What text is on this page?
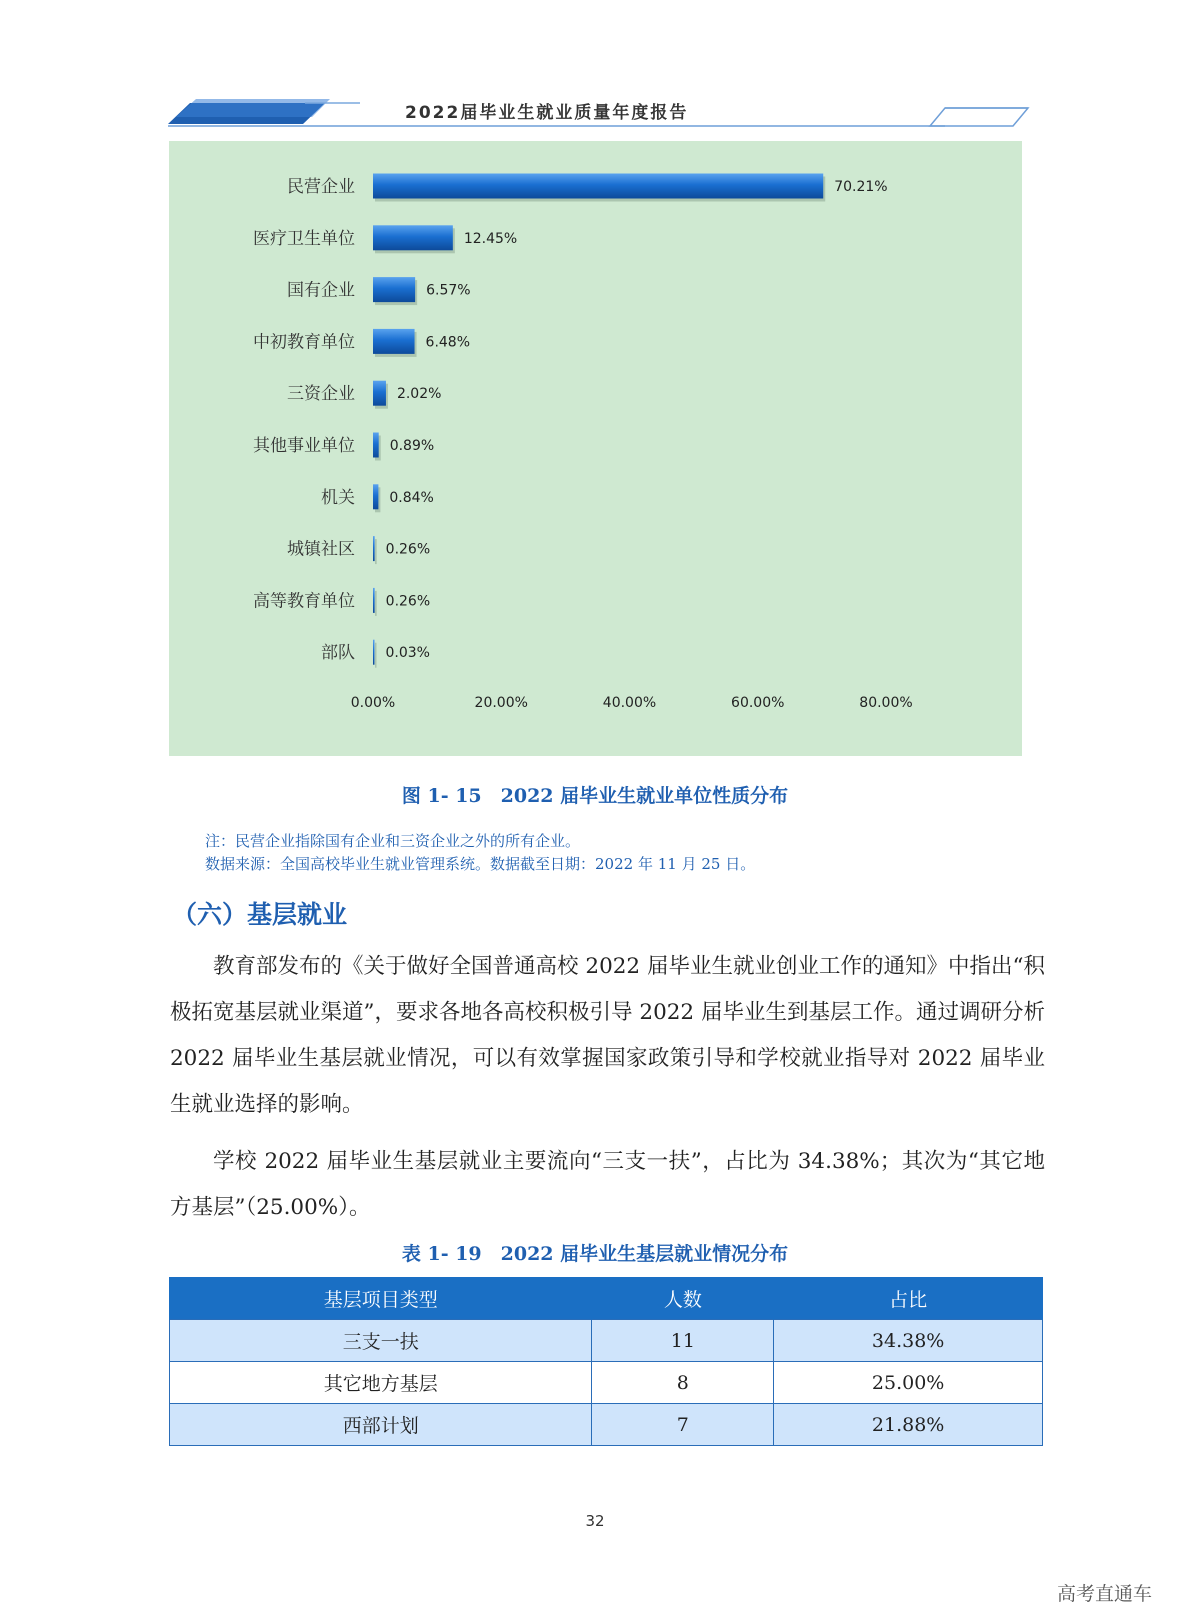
2022届毕业生就业质量年度报告
民营企业	70.21%
医疗卫生单位	12.45%
国有企业	6.57%
中初教育单位	6.48%
三资企业	2.02%
其他事业单位 0.89%
机关 0.84%
城镇社区 0.26%
高等教育单位 0.26%
部队 0.03%
0.00%	20.00%	40.00%	60.00%	80.00%
图 1- 15　2022 届毕业生就业单位性质分布
注：民营企业指除国有企业和三资企业之外的所有企业。
数据来源：全国高校毕业生就业管理系统。数据截至日期：2022 年 11 月 25 日。
（六）基层就业
教育部发布的《关于做好全国普通高校 2022 届毕业生就业创业工作的通知》中指出“积极拓宽基层就业渠道”，要求各地各高校积极引导 2022 届毕业生到基层工作。通过调研分析 2022 届毕业生基层就业情况，可以有效掌握国家政策引导和学校就业指导对 2022 届毕业生就业选择的影响。
学校 2022 届毕业生基层就业主要流向“三支一扶”，占比为 34.38%；其次为“其它地方基层”（25.00%）。
表 1- 19　2022 届毕业生基层就业情况分布
基层项目类型	人数	占比
三支一扶	11	34.38%
其它地方基层	8	25.00%
西部计划	7	21.88%
32
高考直通车
